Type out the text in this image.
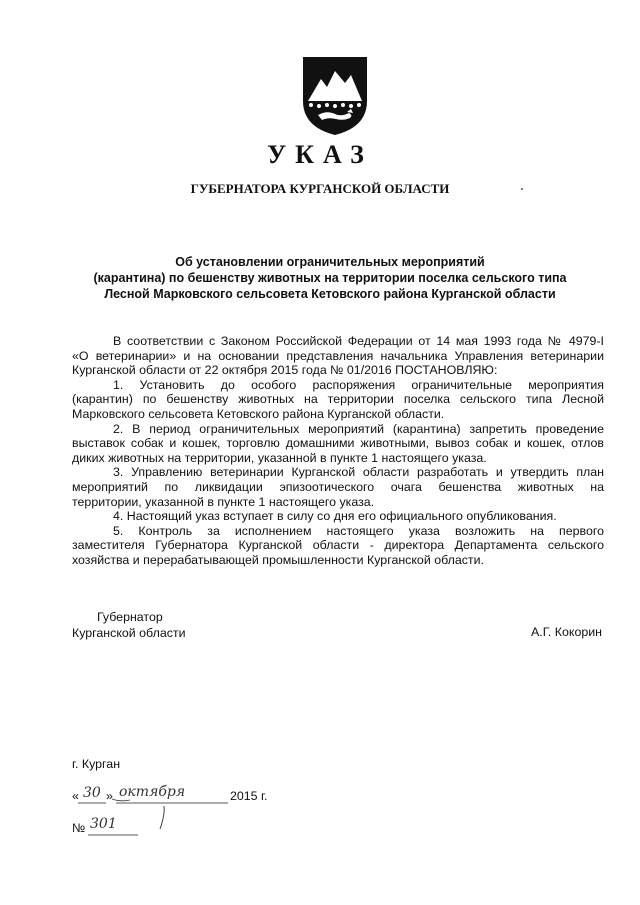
УКАЗ
ГУБЕРНАТОРА КУРГАНСКОЙ ОБЛАСТИ
Об установлении ограничительных мероприятий
(карантина) по бешенству животных на территории поселка сельского типа
Лесной Марковского сельсовета Кетовского района Курганской области
В соответствии с Законом Российской Федерации от 14 мая 1993 года № 4979-I
«О ветеринарии» и на основании представления начальника Управления ветеринарии
Курганской области от 22 октября 2015 года № 01/2016 ПОСТАНОВЛЯЮ:
1. Установить до особого распоряжения ограничительные мероприятия
(карантин) по бешенству животных на территории поселка сельского типа Лесной
Марковского сельсовета Кетовского района Курганской области.
2. В период ограничительных мероприятий (карантина) запретить проведение
выставок собак и кошек, торговлю домашними животными, вывоз собак и кошек, отлов
диких животных на территории, указанной в пункте 1 настоящего указа.
3. Управлению ветеринарии Курганской области разработать и утвердить план
мероприятий по ликвидации эпизоотического очага бешенства животных на
территории, указанной в пункте 1 настоящего указа.
4. Настоящий указ вступает в силу со дня его официального опубликования.
5. Контроль за исполнением настоящего указа возложить на первого
заместителя Губернатора Курганской области - директора Департамента сельского
хозяйства и перерабатывающей промышленности Курганской области.
Губернатор
Курганской области	А.Г. Кокорин
г. Курган
« 30 » октября	2015 г.
№ 301
